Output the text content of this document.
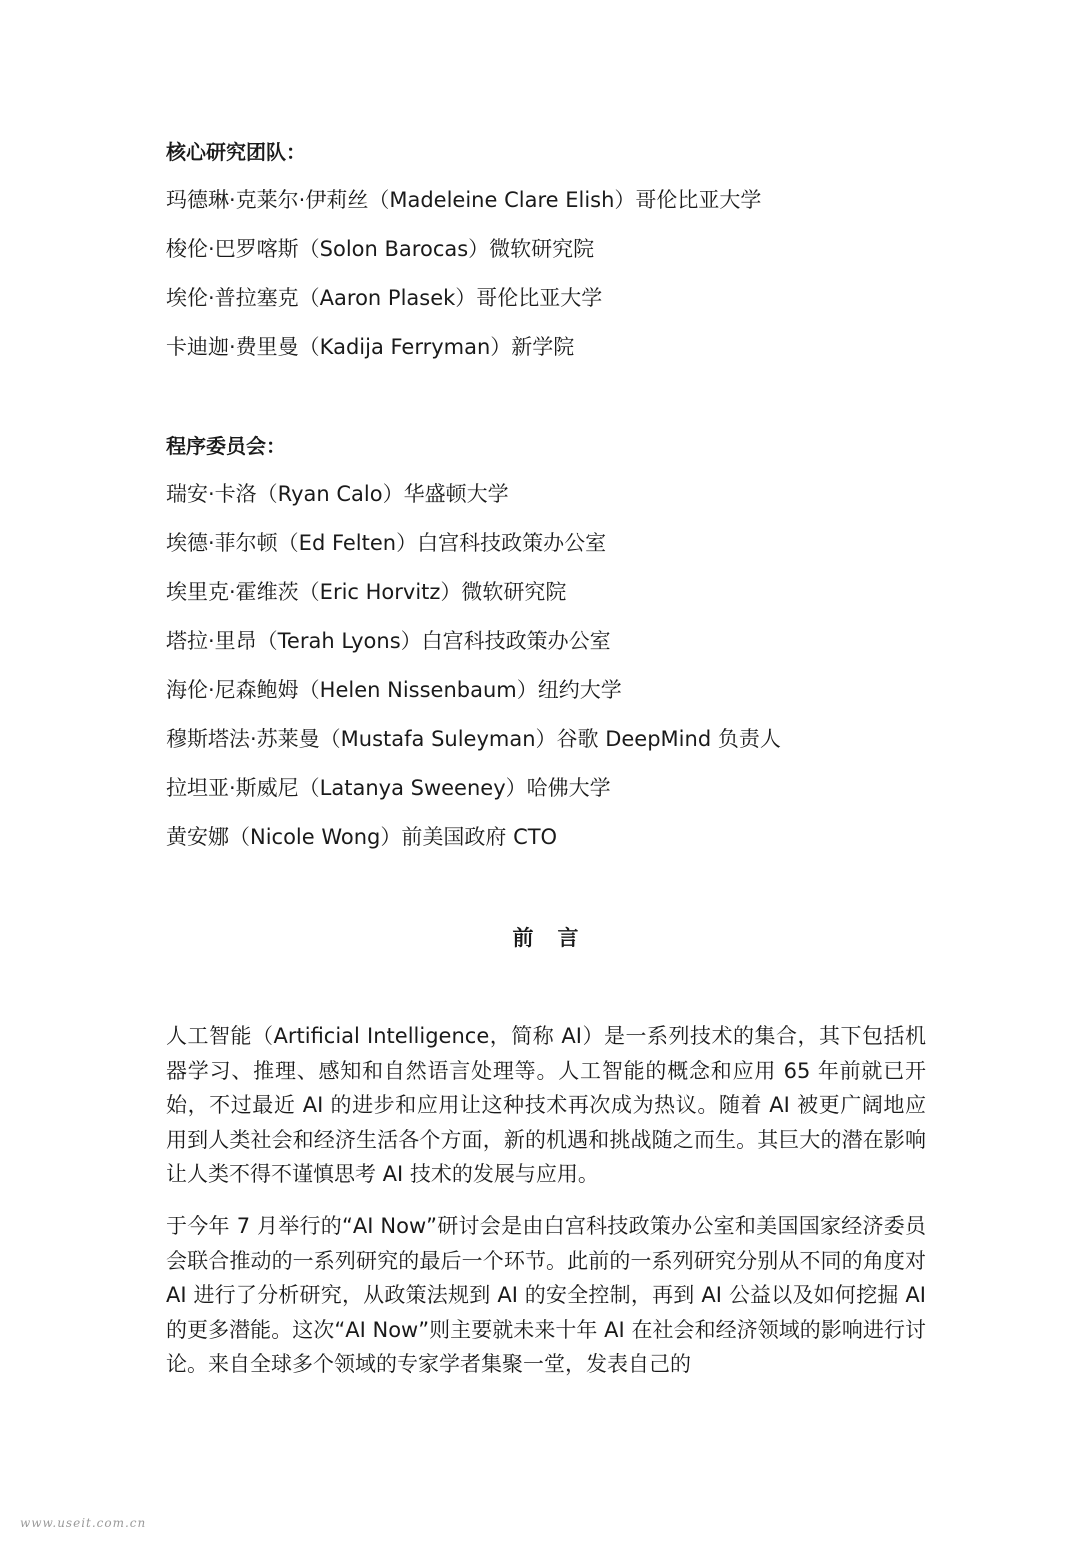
核心研究团队：
玛德琳·克莱尔·伊莉丝（Madeleine Clare Elish）哥伦比亚大学
梭伦·巴罗喀斯（Solon Barocas）微软研究院
埃伦·普拉塞克（Aaron Plasek）哥伦比亚大学
卡迪迦·费里曼（Kadija Ferryman）新学院
程序委员会：
瑞安·卡洛（Ryan Calo）华盛顿大学
埃德·菲尔顿（Ed Felten）白宫科技政策办公室
埃里克·霍维茨（Eric Horvitz）微软研究院
塔拉·里昂（Terah Lyons）白宫科技政策办公室
海伦·尼森鲍姆（Helen Nissenbaum）纽约大学
穆斯塔法·苏莱曼（Mustafa Suleyman）谷歌 DeepMind 负责人
拉坦亚·斯威尼（Latanya Sweeney）哈佛大学
黄安娜（Nicole Wong）前美国政府 CTO
前言

人工智能（Artificial Intelligence，简称 AI）是一系列技术的集合，其下包括机器学习、推理、感知和自然语言处理等。人工智能的概念和应用 65 年前就已开始，不过最近 AI 的进步和应用让这种技术再次成为热议。随着 AI 被更广阔地应用到人类社会和经济生活各个方面，新的机遇和挑战随之而生。其巨大的潜在影响让人类不得不谨慎思考 AI 技术的发展与应用。

于今年 7 月举行的“AI Now”研讨会是由白宫科技政策办公室和美国国家经济委员会联合推动的一系列研究的最后一个环节。此前的一系列研究分别从不同的角度对 AI 进行了分析研究，从政策法规到 AI 的安全控制，再到 AI 公益以及如何挖掘 AI 的更多潜能。这次“AI Now”则主要就未来十年 AI 在社会和经济领域的影响进行讨论。来自全球多个领域的专家学者集聚一堂，发表自己的

www.useit.com.cn
